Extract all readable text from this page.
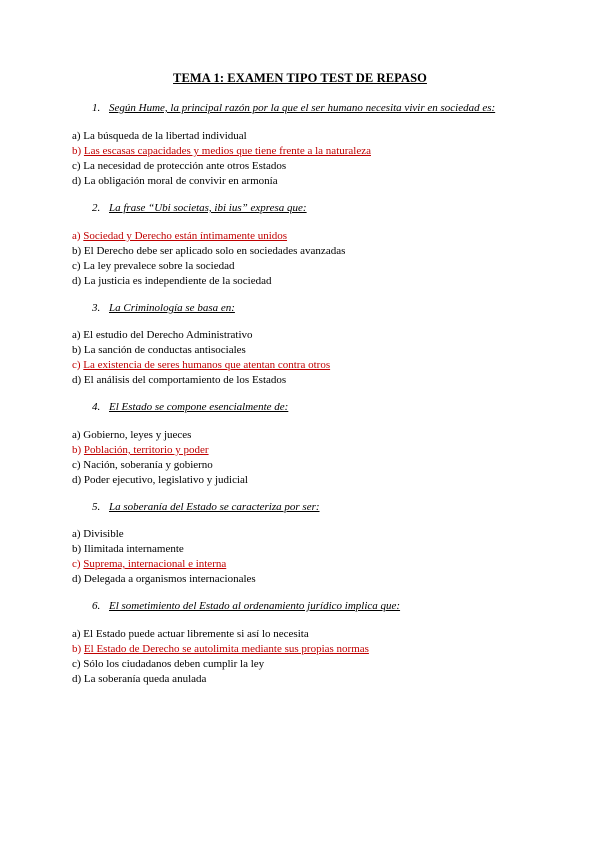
TEMA 1: EXAMEN TIPO TEST DE REPASO
1. Según Hume, la principal razón por la que el ser humano necesita vivir en sociedad es:
a) La búsqueda de la libertad individual
b) Las escasas capacidades y medios que tiene frente a la naturaleza
c) La necesidad de protección ante otros Estados
d) La obligación moral de convivir en armonía
2. La frase “Ubi societas, ibi ius” expresa que:
a) Sociedad y Derecho están íntimamente unidos
b) El Derecho debe ser aplicado solo en sociedades avanzadas
c) La ley prevalece sobre la sociedad
d) La justicia es independiente de la sociedad
3. La Criminología se basa en:
a) El estudio del Derecho Administrativo
b) La sanción de conductas antisociales
c) La existencia de seres humanos que atentan contra otros
d) El análisis del comportamiento de los Estados
4. El Estado se compone esencialmente de:
a) Gobierno, leyes y jueces
b) Población, territorio y poder
c) Nación, soberanía y gobierno
d) Poder ejecutivo, legislativo y judicial
5. La soberanía del Estado se caracteriza por ser:
a) Divisible
b) Ilimitada internamente
c) Suprema, internacional e interna
d) Delegada a organismos internacionales
6. El sometimiento del Estado al ordenamiento jurídico implica que:
a) El Estado puede actuar libremente si así lo necesita
b) El Estado de Derecho se autolimita mediante sus propias normas
c) Sólo los ciudadanos deben cumplir la ley
d) La soberanía queda anulada
